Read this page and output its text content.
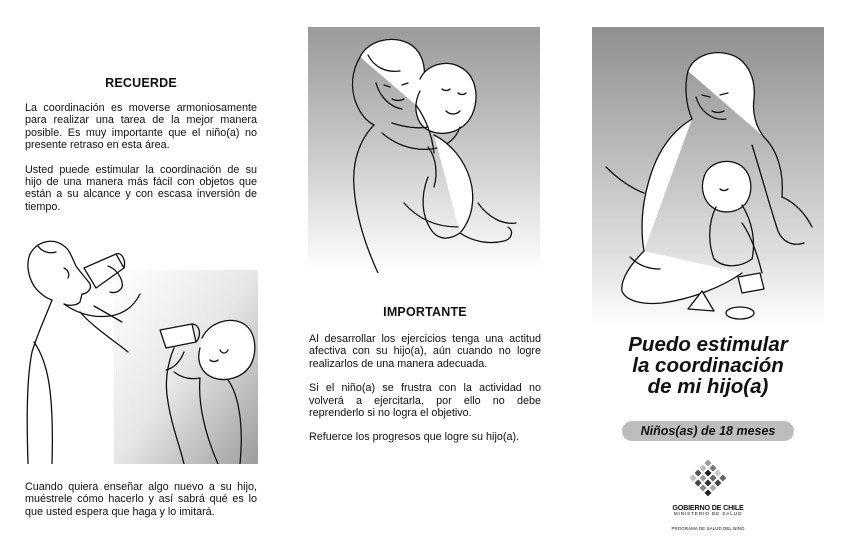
RECUERDE

La coordinación es moverse armoniosamente para realizar una tarea de la mejor manera posible. Es muy importante que el niño(a) no presente retraso en esta área.

Usted puede estimular la coordinación de su hijo de una manera más fácil con objetos que están a su alcance y con escasa inversión de tiempo.

Cuando quiera enseñar algo nuevo a su hijo, muéstrele cómo hacerlo y así sabrá qué es lo que usted espera que haga y lo imitará.
IMPORTANTE

Al desarrollar los ejercicios tenga una actitud afectiva con su hijo(a), aún cuando no logre realizarlos de una manera adecuada.

Si el niño(a) se frustra con la actividad no volverá a ejercitarla, por ello no debe reprenderlo si no logra el objetivo.

Refuerce los progresos que logre su hijo(a).

Puedo estimular
la coordinación
de mi hijo(a)
Niños(as) de 18 meses
GOBIERNO DE CHILE
MINISTERIO DE SALUD
PROGRAMA DE SALUD DEL NIÑO
